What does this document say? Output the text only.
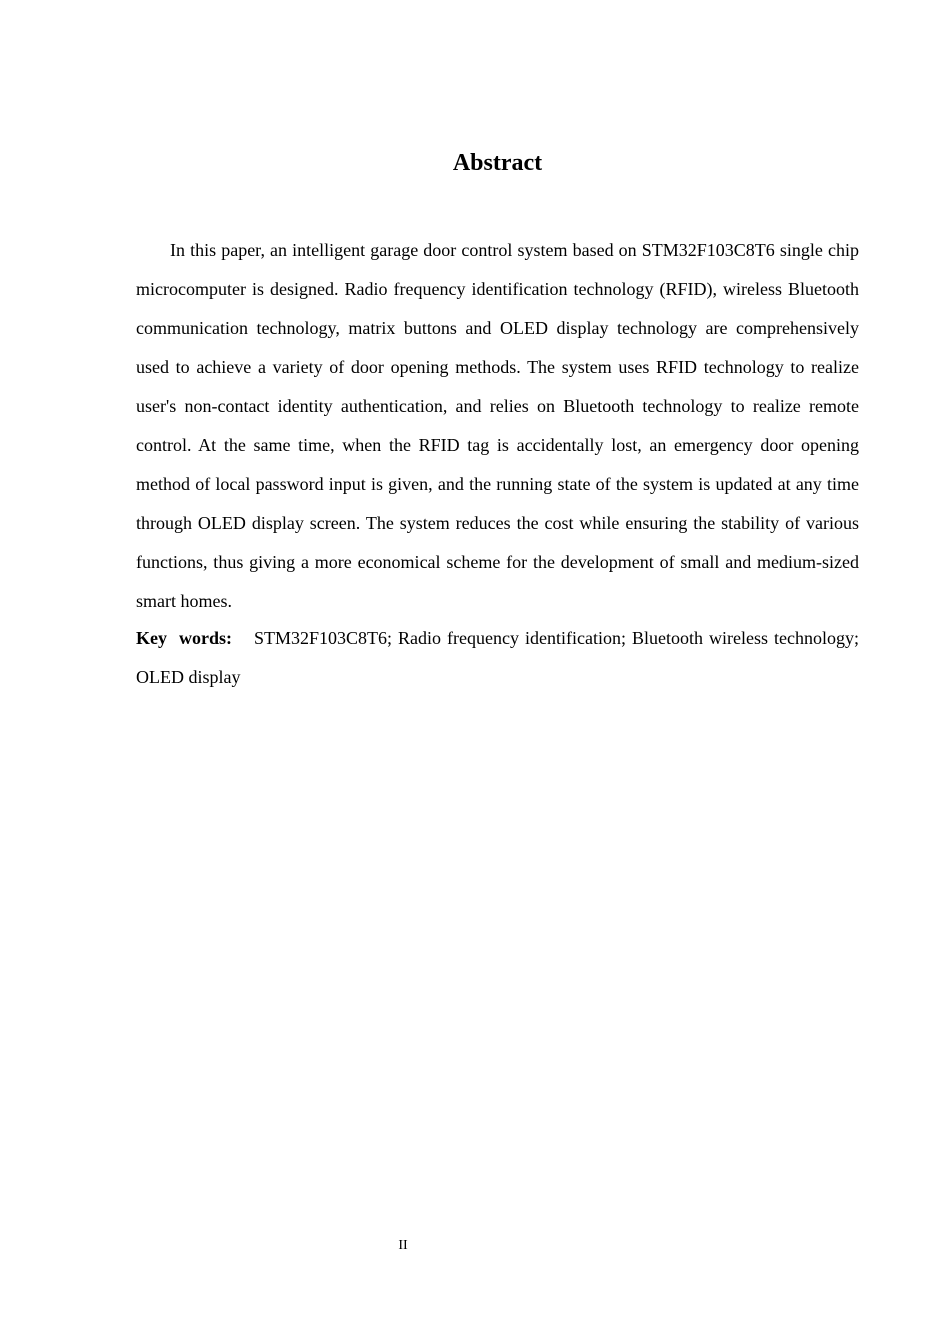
Abstract

In this paper, an intelligent garage door control system based on STM32F103C8T6 single chip microcomputer is designed. Radio frequency identification technology (RFID), wireless Bluetooth communication technology, matrix buttons and OLED display technology are comprehensively used to achieve a variety of door opening methods. The system uses RFID technology to realize user's non-contact identity authentication, and relies on Bluetooth technology to realize remote control. At the same time, when the RFID tag is accidentally lost, an emergency door opening method of local password input is given, and the running state of the system is updated at any time through OLED display screen. The system reduces the cost while ensuring the stability of various functions, thus giving a more economical scheme for the development of small and medium-sized smart homes.

Key words: STM32F103C8T6; Radio frequency identification; Bluetooth wireless technology; OLED display

II
